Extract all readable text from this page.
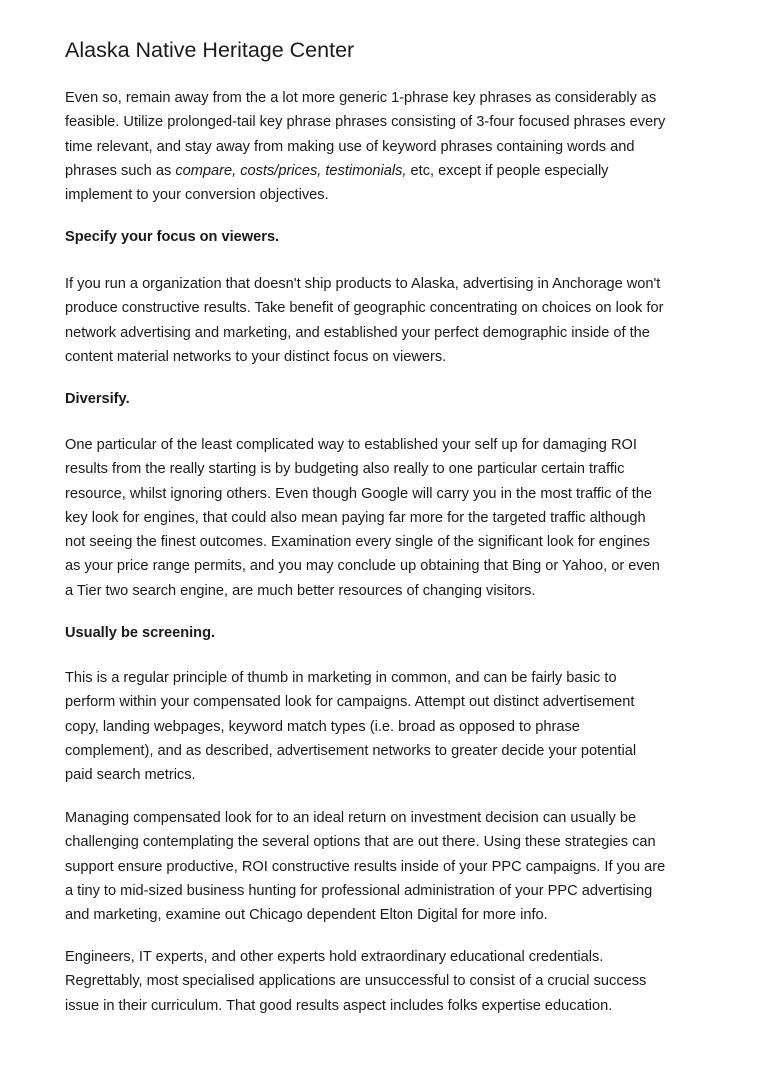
Alaska Native Heritage Center
Even so, remain away from the a lot more generic 1-phrase key phrases as considerably as
feasible. Utilize prolonged-tail key phrase phrases consisting of 3-four focused phrases every
time relevant, and stay away from making use of keyword phrases containing words and
phrases such as compare, costs/prices, testimonials, etc, except if people especially
implement to your conversion objectives.
Specify your focus on viewers.
If you run a organization that doesn't ship products to Alaska, advertising in Anchorage won't
produce constructive results. Take benefit of geographic concentrating on choices on look for
network advertising and marketing, and established your perfect demographic inside of the
content material networks to your distinct focus on viewers.
Diversify.
One particular of the least complicated way to established your self up for damaging ROI
results from the really starting is by budgeting also really to one particular certain traffic
resource, whilst ignoring others. Even though Google will carry you in the most traffic of the
key look for engines, that could also mean paying far more for the targeted traffic although
not seeing the finest outcomes. Examination every single of the significant look for engines
as your price range permits, and you may conclude up obtaining that Bing or Yahoo, or even
a Tier two search engine, are much better resources of changing visitors.
Usually be screening.
This is a regular principle of thumb in marketing in common, and can be fairly basic to
perform within your compensated look for campaigns. Attempt out distinct advertisement
copy, landing webpages, keyword match types (i.e. broad as opposed to phrase
complement), and as described, advertisement networks to greater decide your potential
paid search metrics.
Managing compensated look for to an ideal return on investment decision can usually be
challenging contemplating the several options that are out there. Using these strategies can
support ensure productive, ROI constructive results inside of your PPC campaigns. If you are
a tiny to mid-sized business hunting for professional administration of your PPC advertising
and marketing, examine out Chicago dependent Elton Digital for more info.
Engineers, IT experts, and other experts hold extraordinary educational credentials.
Regrettably, most specialised applications are unsuccessful to consist of a crucial success
issue in their curriculum. That good results aspect includes folks expertise education.
